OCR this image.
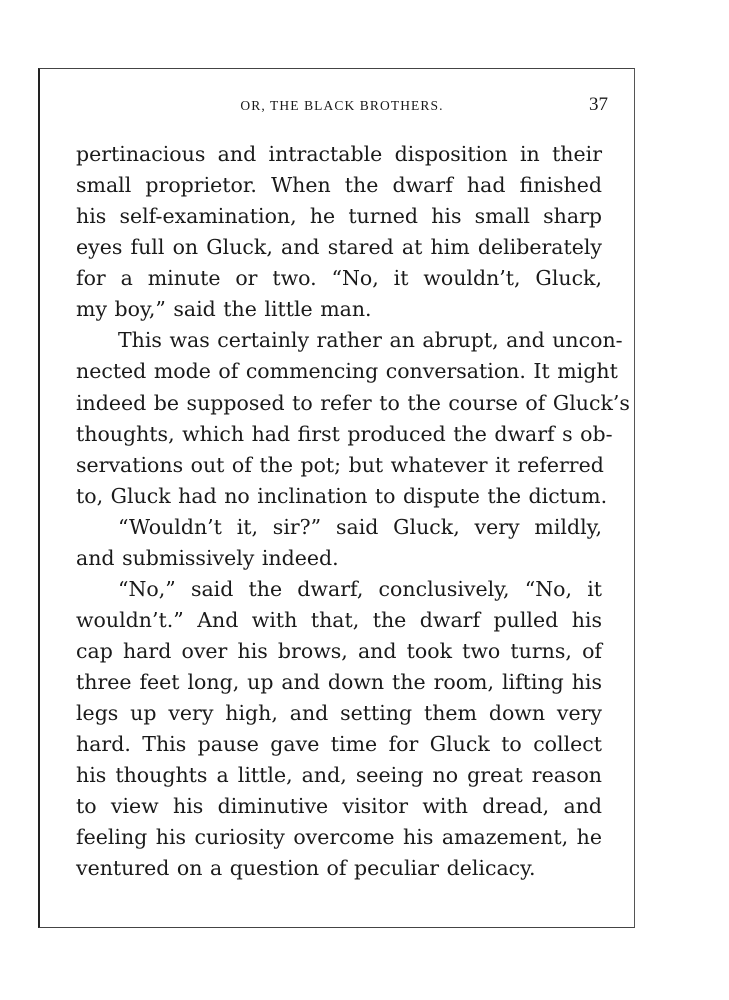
OR, THE BLACK BROTHERS.	37
pertinacious and intractable disposition in their
small proprietor. When the dwarf had finished
his self-examination, he turned his small sharp
eyes full on Gluck, and stared at him deliberately
for a minute or two. “No, it wouldn’t, Gluck,
my boy,” said the little man.
This was certainly rather an abrupt, and uncon-
nected mode of commencing conversation. It might
indeed be supposed to refer to the course of Gluck’s
thoughts, which had first produced the dwarf s ob-
servations out of the pot; but whatever it referred
to, Gluck had no inclination to dispute the dictum.
“Wouldn’t it, sir?” said Gluck, very mildly,
and submissively indeed.
“No,” said the dwarf, conclusively, “No, it
wouldn’t.” And with that, the dwarf pulled his
cap hard over his brows, and took two turns, of
three feet long, up and down the room, lifting his
legs up very high, and setting them down very
hard. This pause gave time for Gluck to collect
his thoughts a little, and, seeing no great reason
to view his diminutive visitor with dread, and
feeling his curiosity overcome his amazement, he
ventured on a question of peculiar delicacy.
